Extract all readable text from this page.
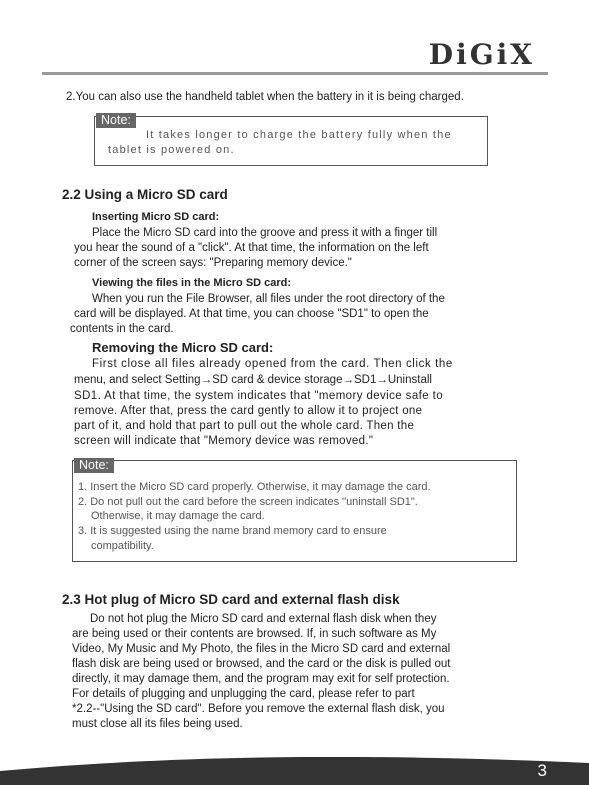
DiGiX

2.You can also use the handheld tablet when the battery in it is being charged.

Note:

It takes longer to charge the battery fully when the

tablet is powered on.

2.2 Using a Micro SD card

Inserting Micro SD card:

Place the Micro SD card into the groove and press it with a finger till

you hear the sound of a "click". At that time, the information on the left

corner of the screen says: "Preparing memory device."

Viewing the files in the Micro SD card:

When you run the File Browser, all files under the root directory of the

card will be displayed. At that time, you can choose "SD1" to open the

contents in the card.

Removing the Micro SD card:

First close all files already opened from the card. Then click the

menu, and select Setting→SD card & device storage→SD1→Uninstall

SD1. At that time, the system indicates that "memory device safe to

remove. After that, press the card gently to allow it to project one

part of it, and hold that part to pull out the whole card. Then the

screen will indicate that "Memory device was removed."

Note:

1. Insert the Micro SD card properly. Otherwise, it may damage the card.

2. Do not pull out the card before the screen indicates "uninstall SD1".

Otherwise, it may damage the card.

3. It is suggested using the name brand memory card to ensure

compatibility.

2.3 Hot plug of Micro SD card and external flash disk

Do not hot plug the Micro SD card and external flash disk when they

are being used or their contents are browsed. If, in such software as My

Video, My Music and My Photo, the files in the Micro SD card and external

flash disk are being used or browsed, and the card or the disk is pulled out

directly, it may damage them, and the program may exit for self protection.

For details of plugging and unplugging the card, please refer to part

*2.2--"Using the SD card". Before you remove the external flash disk, you

must close all its files being used.

3
